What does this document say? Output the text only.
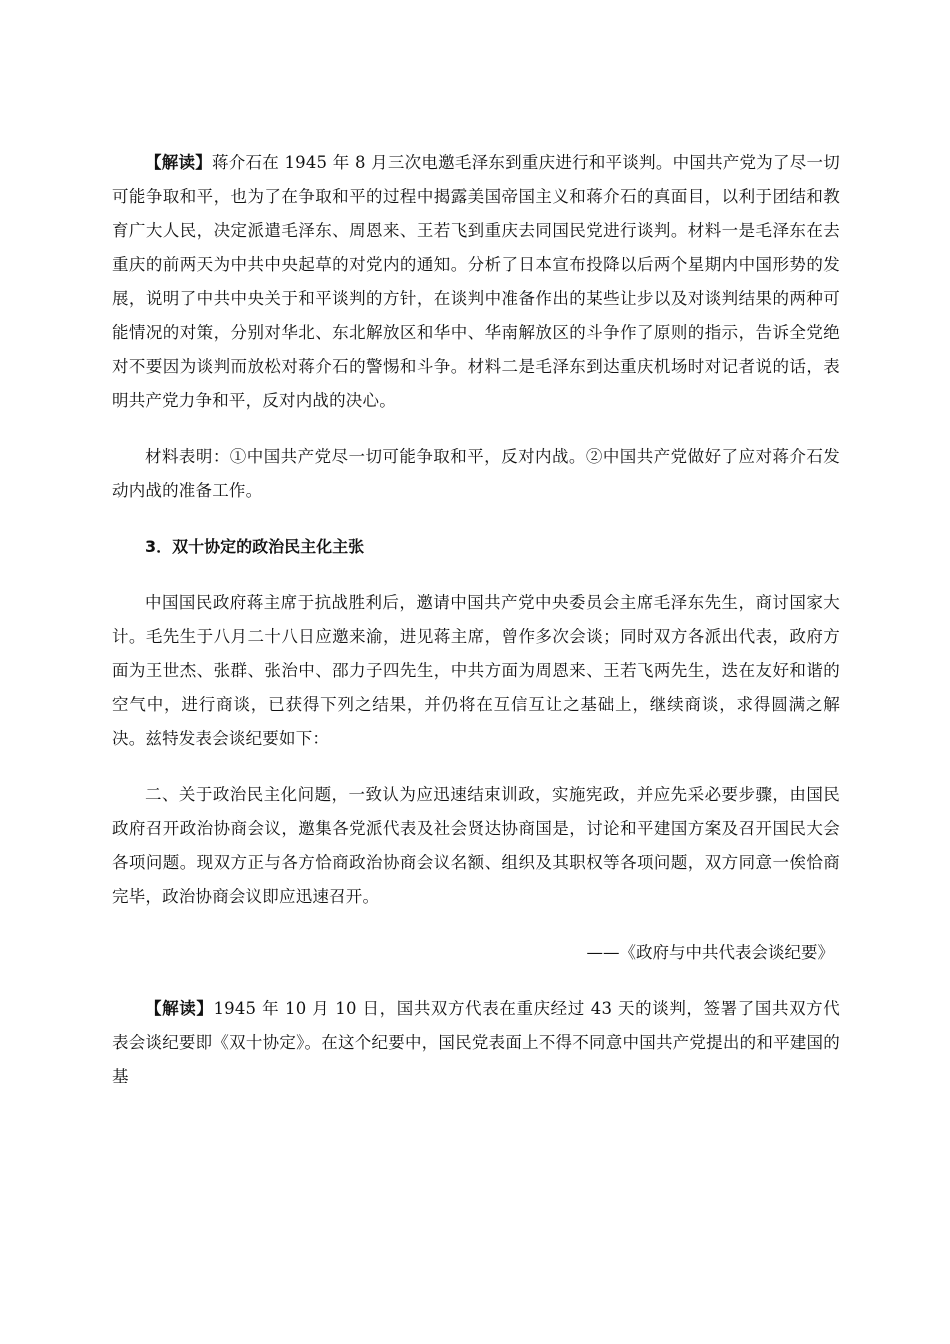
【解读】蒋介石在 1945 年 8 月三次电邀毛泽东到重庆进行和平谈判。中国共产党为了尽一切可能争取和平，也为了在争取和平的过程中揭露美国帝国主义和蒋介石的真面目，以利于团结和教育广大人民，决定派遣毛泽东、周恩来、王若飞到重庆去同国民党进行谈判。材料一是毛泽东在去重庆的前两天为中共中央起草的对党内的通知。分析了日本宣布投降以后两个星期内中国形势的发展，说明了中共中央关于和平谈判的方针，在谈判中准备作出的某些让步以及对谈判结果的两种可能情况的对策，分别对华北、东北解放区和华中、华南解放区的斗争作了原则的指示，告诉全党绝对不要因为谈判而放松对蒋介石的警惕和斗争。材料二是毛泽东到达重庆机场时对记者说的话，表明共产党力争和平，反对内战的决心。

材料表明：①中国共产党尽一切可能争取和平，反对内战。②中国共产党做好了应对蒋介石发动内战的准备工作。

3．双十协定的政治民主化主张

中国国民政府蒋主席于抗战胜利后，邀请中国共产党中央委员会主席毛泽东先生，商讨国家大计。毛先生于八月二十八日应邀来渝，进见蒋主席，曾作多次会谈；同时双方各派出代表，政府方面为王世杰、张群、张治中、邵力子四先生，中共方面为周恩来、王若飞两先生，迭在友好和谐的空气中，进行商谈，已获得下列之结果，并仍将在互信互让之基础上，继续商谈，求得圆满之解决。兹特发表会谈纪要如下：

二、关于政治民主化问题，一致认为应迅速结束训政，实施宪政，并应先采必要步骤，由国民政府召开政治协商会议，邀集各党派代表及社会贤达协商国是，讨论和平建国方案及召开国民大会各项问题。现双方正与各方恰商政治协商会议名额、组织及其职权等各项问题，双方同意一俟恰商完毕，政治协商会议即应迅速召开。

——《政府与中共代表会谈纪要》

【解读】1945 年 10 月 10 日，国共双方代表在重庆经过 43 天的谈判，签署了国共双方代表会谈纪要即《双十协定》。在这个纪要中，国民党表面上不得不同意中国共产党提出的和平建国的基
